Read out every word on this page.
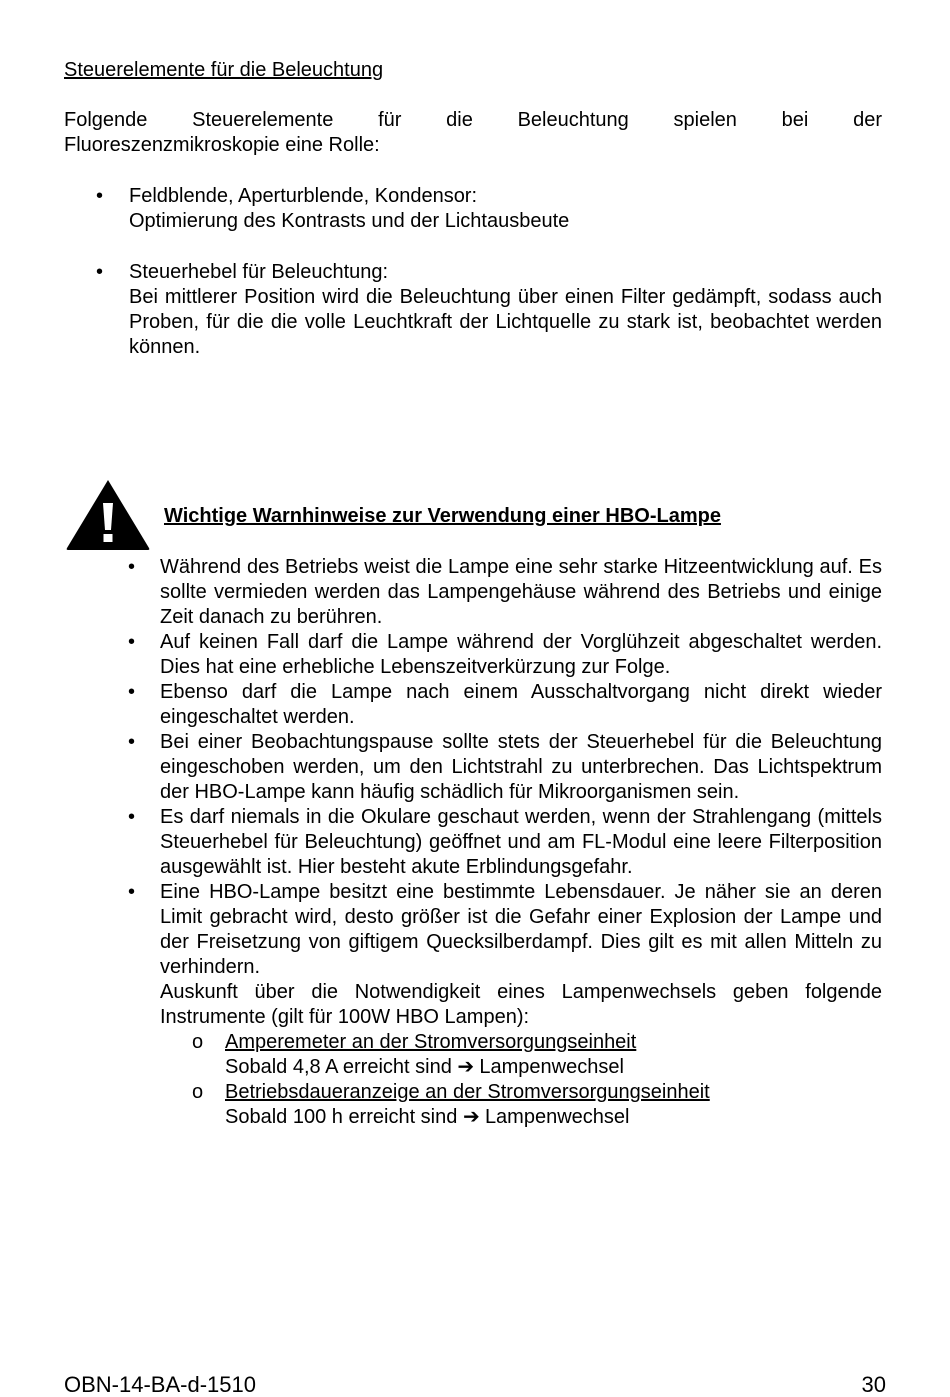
Steuerelemente für die Beleuchtung

Folgende Steuerelemente für die Beleuchtung spielen bei der
Fluoreszenzmikroskopie eine Rolle:

• Feldblende, Aperturblende, Kondensor:
Optimierung des Kontrasts und der Lichtausbeute
• Steuerhebel für Beleuchtung:
Bei mittlerer Position wird die Beleuchtung über einen Filter gedämpft, sodass auch Proben, für die die volle Leuchtkraft der Lichtquelle zu stark ist, beobachtet werden können.
Wichtige Warnhinweise zur Verwendung einer HBO-Lampe
• Während des Betriebs weist die Lampe eine sehr starke Hitzeentwicklung auf. Es sollte vermieden werden das Lampengehäuse während des Betriebs und einige Zeit danach zu berühren.
• Auf keinen Fall darf die Lampe während der Vorglühzeit abgeschaltet werden. Dies hat eine erhebliche Lebenszeitverkürzung zur Folge.
• Ebenso darf die Lampe nach einem Ausschaltvorgang nicht direkt wieder eingeschaltet werden.
• Bei einer Beobachtungspause sollte stets der Steuerhebel für die Beleuchtung eingeschoben werden, um den Lichtstrahl zu unterbrechen. Das Lichtspektrum der HBO-Lampe kann häufig schädlich für Mikroorganismen sein.
• Es darf niemals in die Okulare geschaut werden, wenn der Strahlengang (mittels Steuerhebel für Beleuchtung) geöffnet und am FL-Modul eine leere Filterposition ausgewählt ist. Hier besteht akute Erblindungsgefahr.
• Eine HBO-Lampe besitzt eine bestimmte Lebensdauer. Je näher sie an deren Limit gebracht wird, desto größer ist die Gefahr einer Explosion der Lampe und der Freisetzung von giftigem Quecksilberdampf. Dies gilt es mit allen Mitteln zu verhindern.
Auskunft über die Notwendigkeit eines Lampenwechsels geben folgende Instrumente (gilt für 100W HBO Lampen):
o Amperemeter an der Stromversorgungseinheit
Sobald 4,8 A erreicht sind ➔ Lampenwechsel
o Betriebsdaueranzeige an der Stromversorgungseinheit
Sobald 100 h erreicht sind ➔ Lampenwechsel

OBN-14-BA-d-1510	30
